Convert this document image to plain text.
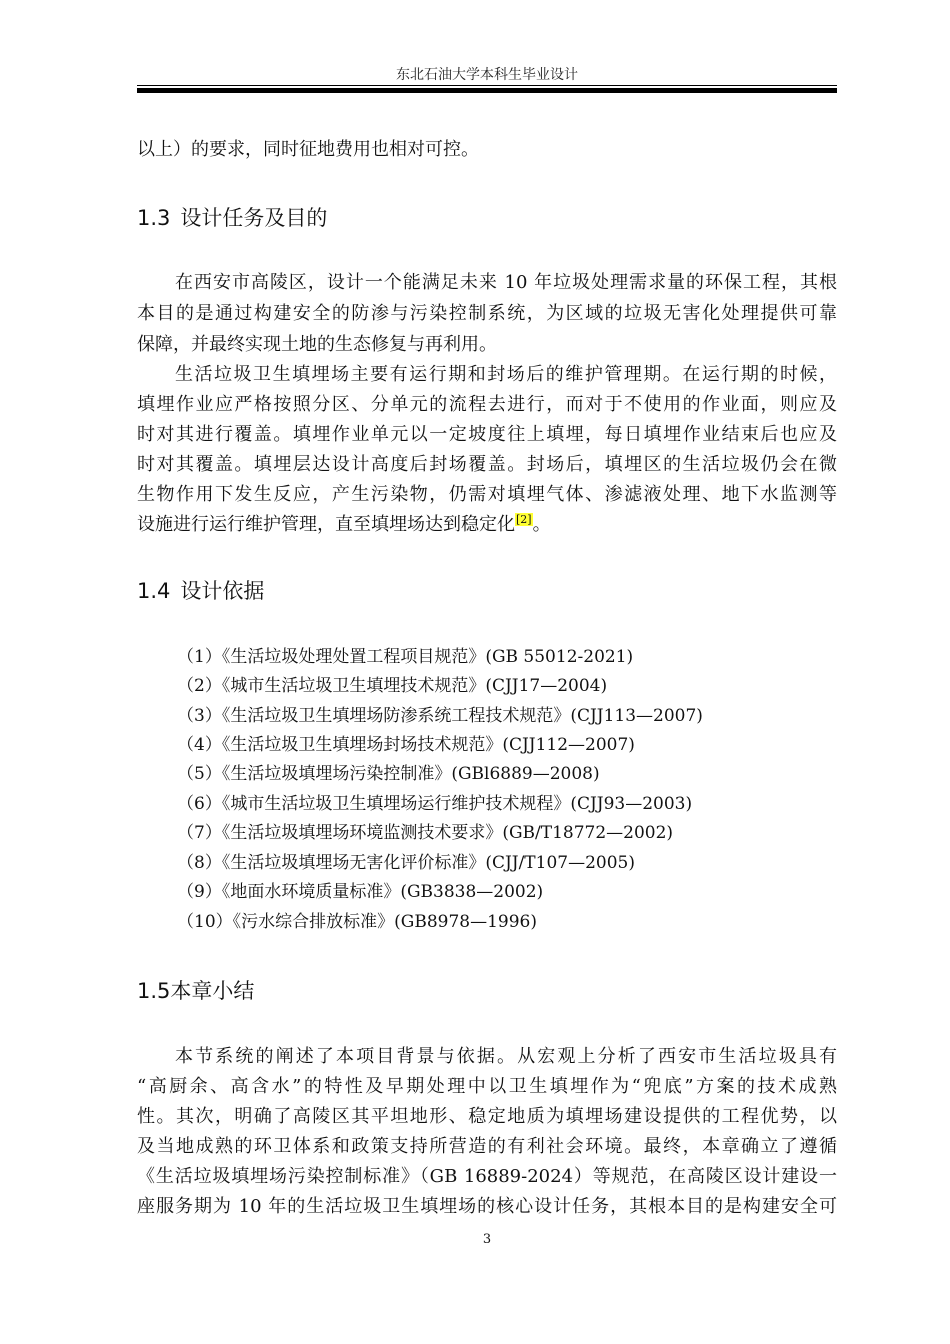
东北石油大学本科生毕业设计
以上）的要求，同时征地费用也相对可控。
1.3 设计任务及目的
在西安市高陵区，设计一个能满足未来 10 年垃圾处理需求量的环保工程，其根
本目的是通过构建安全的防渗与污染控制系统，为区域的垃圾无害化处理提供可靠
保障，并最终实现土地的生态修复与再利用。
生活垃圾卫生填埋场主要有运行期和封场后的维护管理期。在运行期的时候，
填埋作业应严格按照分区、分单元的流程去进行，而对于不使用的作业面，则应及
时对其进行覆盖。填埋作业单元以一定坡度往上填埋，每日填埋作业结束后也应及
时对其覆盖。填埋层达设计高度后封场覆盖。封场后，填埋区的生活垃圾仍会在微
生物作用下发生反应，产生污染物，仍需对填埋气体、渗滤液处理、地下水监测等
设施进行运行维护管理，直至填埋场达到稳定化[2]。
1.4 设计依据
（1）《生活垃圾处理处置工程项目规范》(GB 55012-2021)
（2）《城市生活垃圾卫生填埋技术规范》(CJJ17—2004)
（3）《生活垃圾卫生填埋场防渗系统工程技术规范》(CJJ113—2007)
（4）《生活垃圾卫生填埋场封场技术规范》(CJJ112—2007)
（5）《生活垃圾填埋场污染控制准》(GBl6889—2008)
（6）《城市生活垃圾卫生填埋场运行维护技术规程》(CJJ93—2003)
（7）《生活垃圾填埋场环境监测技术要求》(GB/T18772—2002)
（8）《生活垃圾填埋场无害化评价标准》(CJJ/T107—2005)
（9）《地面水环境质量标准》(GB3838—2002)
（10）《污水综合排放标准》(GB8978—1996)
1.5本章小结
本节系统的阐述了本项目背景与依据。从宏观上分析了西安市生活垃圾具有
“高厨余、高含水”的特性及早期处理中以卫生填埋作为“兜底”方案的技术成熟
性。其次，明确了高陵区其平坦地形、稳定地质为填埋场建设提供的工程优势，以
及当地成熟的环卫体系和政策支持所营造的有利社会环境。最终，本章确立了遵循
《生活垃圾填埋场污染控制标准》（GB 16889-2024）等规范，在高陵区设计建设一
座服务期为 10 年的生活垃圾卫生填埋场的核心设计任务，其根本目的是构建安全可
3
